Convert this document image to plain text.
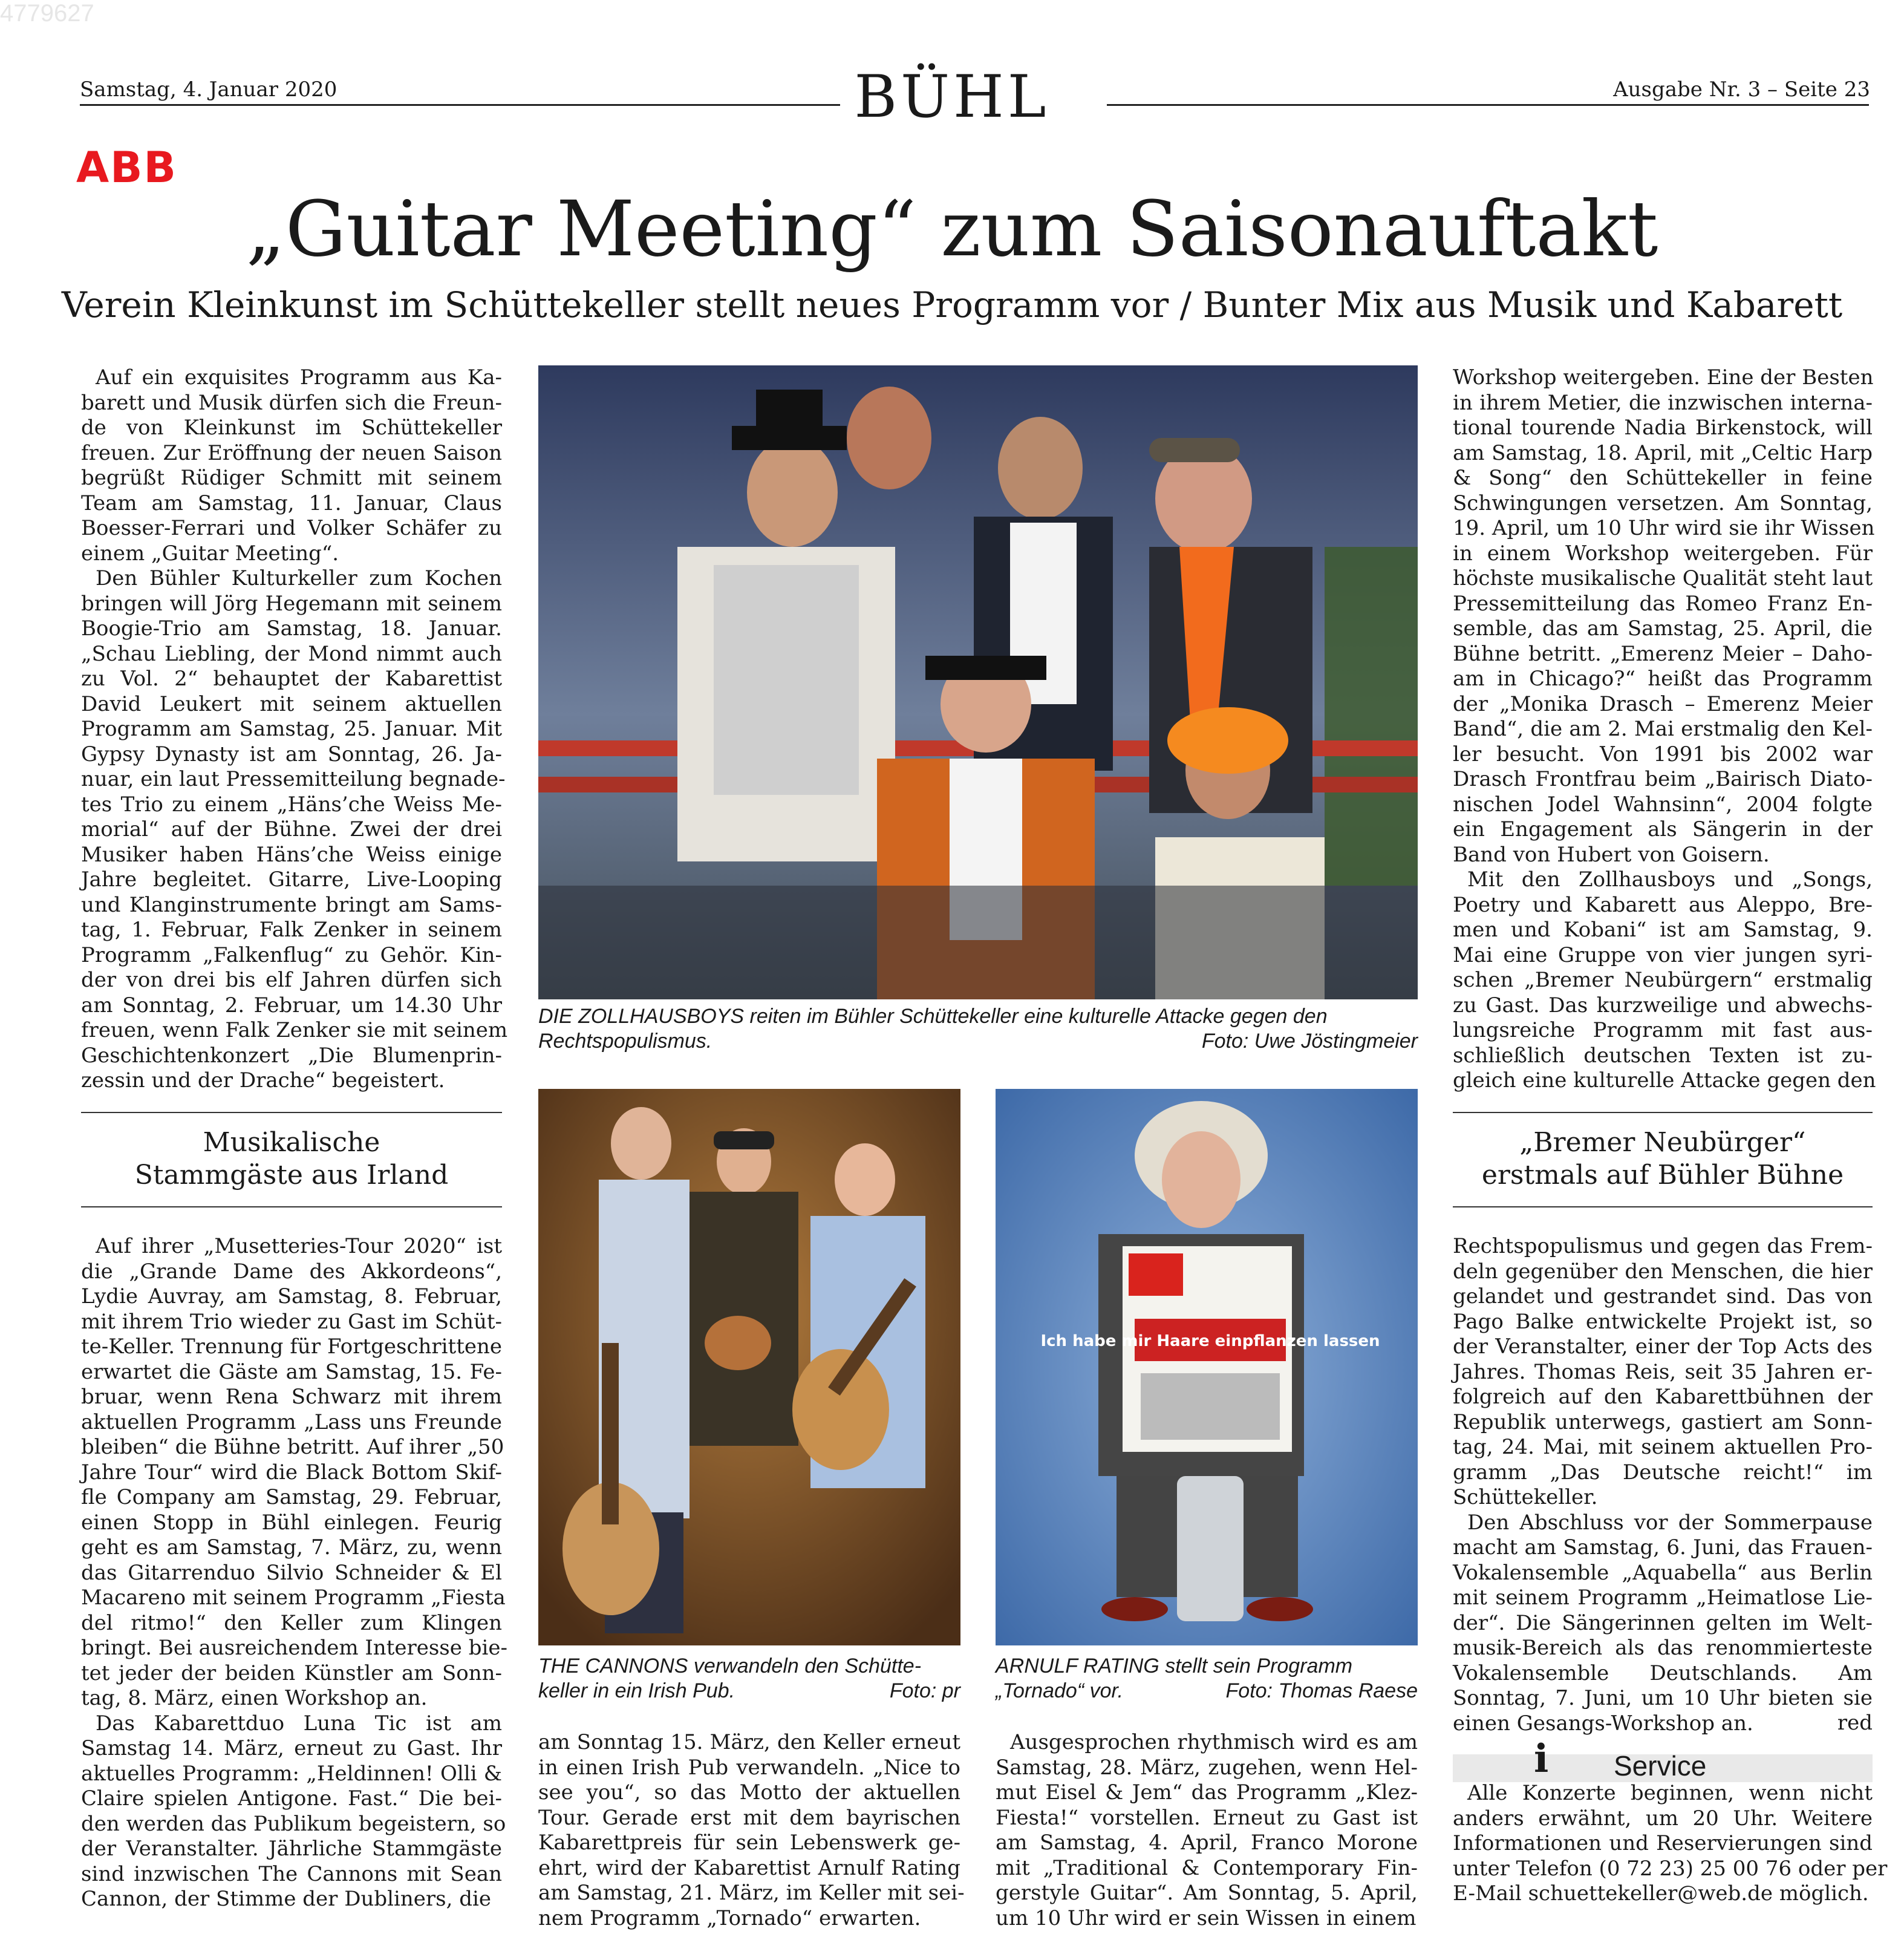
4779627
Samstag, 4. Januar 2020	Ausgabe Nr. 3 – Seite 23
BÜHL
ABB
„Guitar Meeting“ zum Saisonauftakt
Verein Kleinkunst im Schüttekeller stellt neues Programm vor / Bunter Mix aus Musik und Kabarett
Auf ein exquisites Programm aus Ka-
barett und Musik dürfen sich die Freun-
de von Kleinkunst im Schüttekeller
freuen. Zur Eröffnung der neuen Saison
begrüßt Rüdiger Schmitt mit seinem
Team am Samstag, 11. Januar, Claus
Boesser-Ferrari und Volker Schäfer zu
einem „Guitar Meeting“.
Den Bühler Kulturkeller zum Kochen
bringen will Jörg Hegemann mit seinem
Boogie-Trio am Samstag, 18. Januar.
„Schau Liebling, der Mond nimmt auch
zu Vol. 2“ behauptet der Kabarettist
David Leukert mit seinem aktuellen
Programm am Samstag, 25. Januar. Mit
Gypsy Dynasty ist am Sonntag, 26. Ja-
nuar, ein laut Pressemitteilung begnade-
tes Trio zu einem „Häns’che Weiss Me-
morial“ auf der Bühne. Zwei der drei
Musiker haben Häns’che Weiss einige
Jahre begleitet. Gitarre, Live-Looping
und Klanginstrumente bringt am Sams-
tag, 1. Februar, Falk Zenker in seinem
Programm „Falkenflug“ zu Gehör. Kin-
der von drei bis elf Jahren dürfen sich
am Sonntag, 2. Februar, um 14.30 Uhr
freuen, wenn Falk Zenker sie mit seinem
Geschichtenkonzert „Die Blumenprin-
zessin und der Drache“ begeistert.
Musikalische
Stammgäste aus Irland
Auf ihrer „Musetteries-Tour 2020“ ist
die „Grande Dame des Akkordeons“,
Lydie Auvray, am Samstag, 8. Februar,
mit ihrem Trio wieder zu Gast im Schüt-
te-Keller. Trennung für Fortgeschrittene
erwartet die Gäste am Samstag, 15. Fe-
bruar, wenn Rena Schwarz mit ihrem
aktuellen Programm „Lass uns Freunde
bleiben“ die Bühne betritt. Auf ihrer „50
Jahre Tour“ wird die Black Bottom Skif-
fle Company am Samstag, 29. Februar,
einen Stopp in Bühl einlegen. Feurig
geht es am Samstag, 7. März, zu, wenn
das Gitarrenduo Silvio Schneider & El
Macareno mit seinem Programm „Fiesta
del ritmo!“ den Keller zum Klingen
bringt. Bei ausreichendem Interesse bie-
tet jeder der beiden Künstler am Sonn-
tag, 8. März, einen Workshop an.
Das Kabarettduo Luna Tic ist am
Samstag 14. März, erneut zu Gast. Ihr
aktuelles Programm: „Heldinnen! Olli &
Claire spielen Antigone. Fast.“ Die bei-
den werden das Publikum begeistern, so
der Veranstalter. Jährliche Stammgäste
sind inzwischen The Cannons mit Sean
Cannon, der Stimme der Dubliners, die
DIE ZOLLHAUSBOYS reiten im Bühler Schüttekeller eine kulturelle Attacke gegen den Rechtspopulismus.	Foto: Uwe Jöstingmeier
THE CANNONS verwandeln den Schütte-keller in ein Irish Pub.	Foto: pr
Ich habe mir Haare einpflanzen lassen
ARNULF RATING stellt sein Programm „Tornado“ vor.	Foto: Thomas Raese
am Sonntag 15. März, den Keller erneut
in einen Irish Pub verwandeln. „Nice to
see you“, so das Motto der aktuellen
Tour. Gerade erst mit dem bayrischen
Kabarettpreis für sein Lebenswerk ge-
ehrt, wird der Kabarettist Arnulf Rating
am Samstag, 21. März, im Keller mit sei-
nem Programm „Tornado“ erwarten.
Ausgesprochen rhythmisch wird es am
Samstag, 28. März, zugehen, wenn Hel-
mut Eisel & Jem“ das Programm „Klez-
Fiesta!“ vorstellen. Erneut zu Gast ist
am Samstag, 4. April, Franco Morone
mit „Traditional & Contemporary Fin-
gerstyle Guitar“. Am Sonntag, 5. April,
um 10 Uhr wird er sein Wissen in einem
Workshop weitergeben. Eine der Besten
in ihrem Metier, die inzwischen interna-
tional tourende Nadia Birkenstock, will
am Samstag, 18. April, mit „Celtic Harp
& Song“ den Schüttekeller in feine
Schwingungen versetzen. Am Sonntag,
19. April, um 10 Uhr wird sie ihr Wissen
in einem Workshop weitergeben. Für
höchste musikalische Qualität steht laut
Pressemitteilung das Romeo Franz En-
semble, das am Samstag, 25. April, die
Bühne betritt. „Emerenz Meier – Daho-
am in Chicago?“ heißt das Programm
der „Monika Drasch – Emerenz Meier
Band“, die am 2. Mai erstmalig den Kel-
ler besucht. Von 1991 bis 2002 war
Drasch Frontfrau beim „Bairisch Diato-
nischen Jodel Wahnsinn“, 2004 folgte
ein Engagement als Sängerin in der
Band von Hubert von Goisern.
Mit den Zollhausboys und „Songs,
Poetry und Kabarett aus Aleppo, Bre-
men und Kobani“ ist am Samstag, 9.
Mai eine Gruppe von vier jungen syri-
schen „Bremer Neubürgern“ erstmalig
zu Gast. Das kurzweilige und abwechs-
lungsreiche Programm mit fast aus-
schließlich deutschen Texten ist zu-
gleich eine kulturelle Attacke gegen den
„Bremer Neubürger“
erstmals auf Bühler Bühne
Rechtspopulismus und gegen das Frem-
deln gegenüber den Menschen, die hier
gelandet und gestrandet sind. Das von
Pago Balke entwickelte Projekt ist, so
der Veranstalter, einer der Top Acts des
Jahres. Thomas Reis, seit 35 Jahren er-
folgreich auf den Kabarettbühnen der
Republik unterwegs, gastiert am Sonn-
tag, 24. Mai, mit seinem aktuellen Pro-
gramm „Das Deutsche reicht!“ im
Schüttekeller.
Den Abschluss vor der Sommerpause
macht am Samstag, 6. Juni, das Frauen-
Vokalensemble „Aquabella“ aus Berlin
mit seinem Programm „Heimatlose Lie-
der“. Die Sängerinnen gelten im Welt-
musik-Bereich als das renommierteste
Vokalensemble Deutschlands. Am
Sonntag, 7. Juni, um 10 Uhr bieten sie
einen Gesangs-Workshop an.	red
i Service
Alle Konzerte beginnen, wenn nicht
anders erwähnt, um 20 Uhr. Weitere
Informationen und Reservierungen sind
unter Telefon (0 72 23) 25 00 76 oder per
E-Mail schuettekeller@web.de möglich.
